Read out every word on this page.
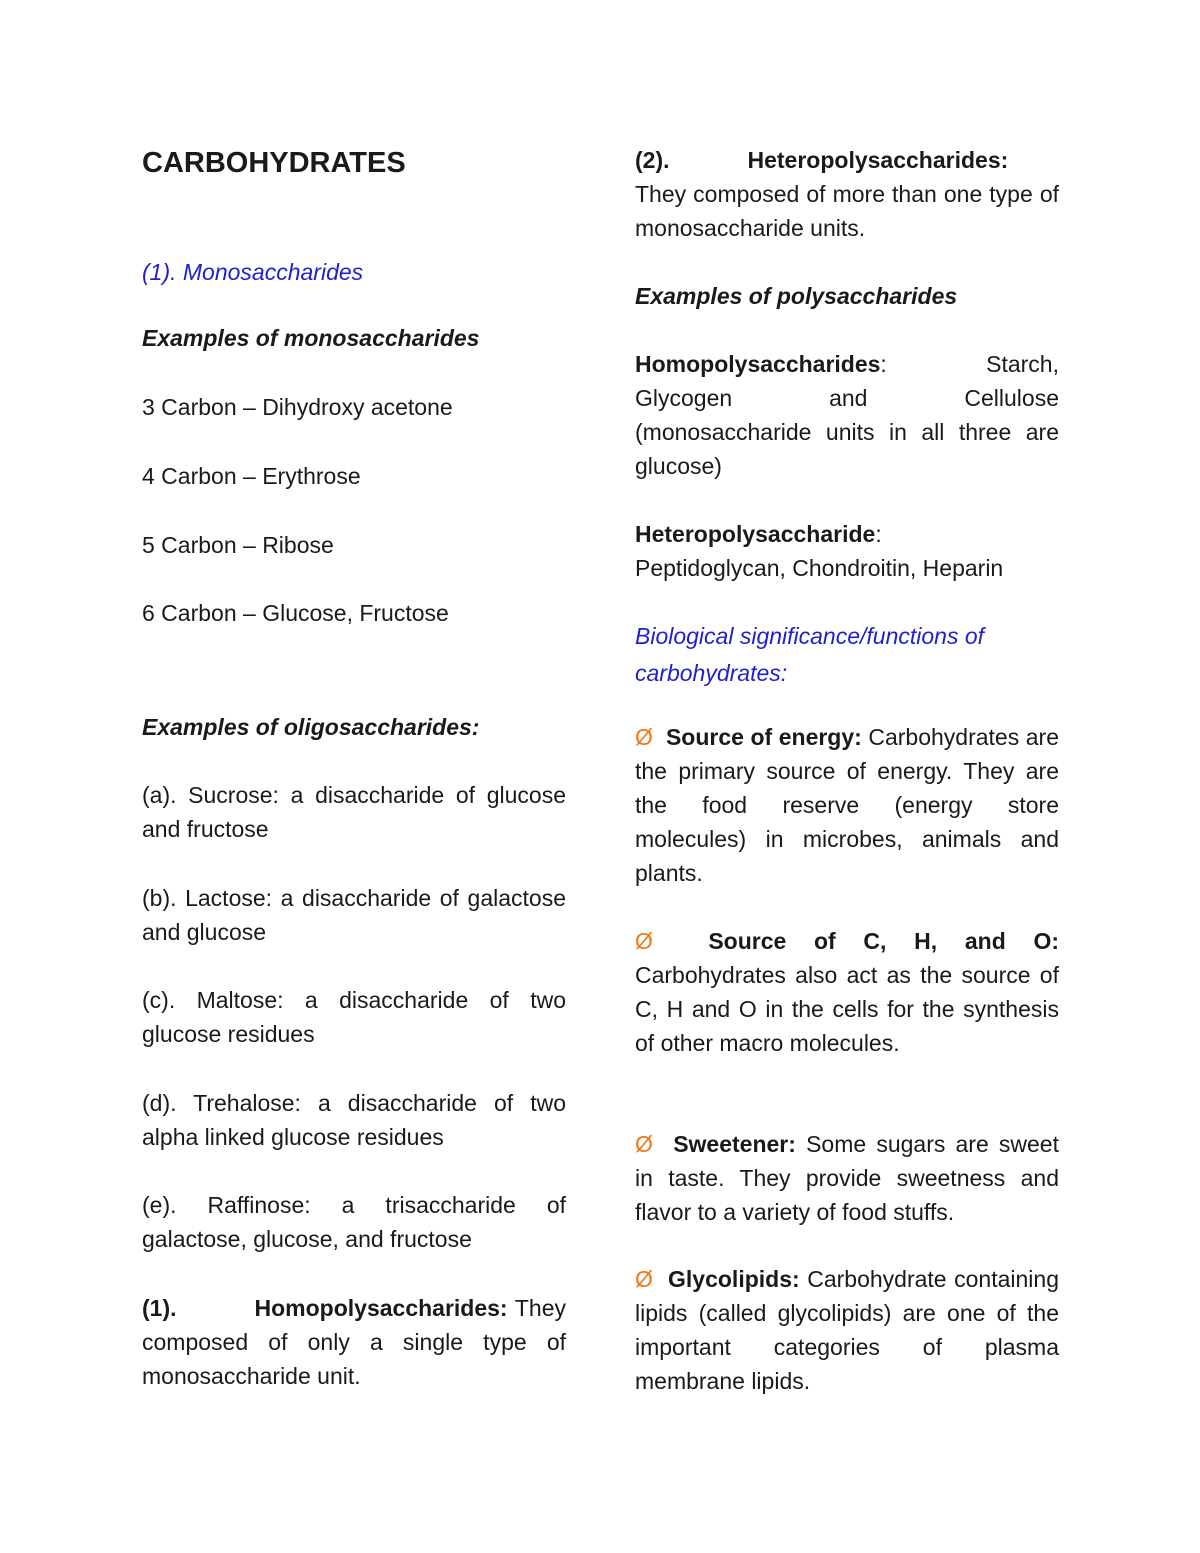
CARBOHYDRATES

(1). Monosaccharides

Examples of monosaccharides

3 Carbon – Dihydroxy acetone

4 Carbon – Erythrose

5 Carbon – Ribose

6 Carbon – Glucose, Fructose

Examples of oligosaccharides:

(a). Sucrose: a disaccharide of glucose and fructose

(b). Lactose: a disaccharide of galactose and glucose

(c). Maltose: a disaccharide of two glucose residues

(d). Trehalose: a disaccharide of two alpha linked glucose residues

(e). Raffinose: a trisaccharide of galactose, glucose, and fructose

(1).	Homopolysaccharides: They composed of only a single type of monosaccharide unit.

(2).	Heteropolysaccharides: They composed of more than one type of monosaccharide units.

Examples of polysaccharides

Homopolysaccharides: Starch, Glycogen and Cellulose (monosaccharide units in all three are glucose)

Heteropolysaccharide:
Peptidoglycan, Chondroitin, Heparin

Biological significance/functions of
carbohydrates:

Ø Source of energy: Carbohydrates are the primary source of energy. They are the food reserve (energy store molecules) in microbes, animals and plants.

Ø Source of C, H, and O: Carbohydrates also act as the source of C, H and O in the cells for the synthesis of other macro molecules.

Ø Sweetener: Some sugars are sweet in taste. They provide sweetness and flavor to a variety of food stuffs.

Ø Glycolipids: Carbohydrate containing lipids (called glycolipids) are one of the important categories of plasma membrane lipids.
